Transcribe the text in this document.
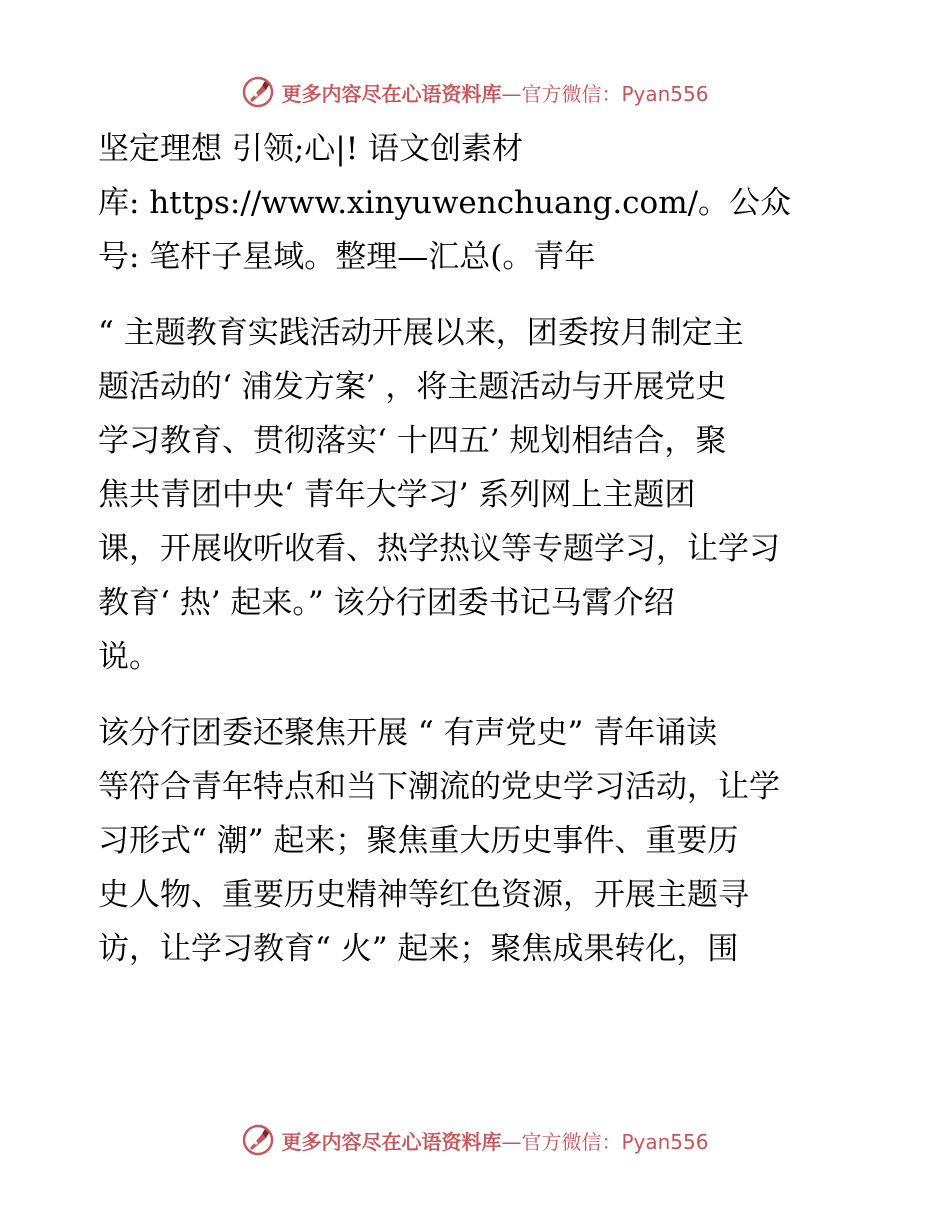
更多内容尽在心语资料库—官方微信：Pyan556
坚定理想 引领;心|! 语文创素材
库: https://www.xinyuwenchuang.com/。公众
号: 笔杆子星域。整理—汇总(。青年
“ 主题教育实践活动开展以来，团委按月制定主
题活动的‘ 浦发方案’ ，将主题活动与开展党史
学习教育、贯彻落实‘ 十四五’ 规划相结合，聚
焦共青团中央‘ 青年大学习’ 系列网上主题团
课，开展收听收看、热学热议等专题学习，让学习
教育‘ 热’ 起来。” 该分行团委书记马霄介绍
说。
该分行团委还聚焦开展 “ 有声党史” 青年诵读
等符合青年特点和当下潮流的党史学习活动，让学
习形式“ 潮” 起来；聚焦重大历史事件、重要历
史人物、重要历史精神等红色资源，开展主题寻
访，让学习教育“ 火” 起来；聚焦成果转化，围
更多内容尽在心语资料库—官方微信：Pyan556
